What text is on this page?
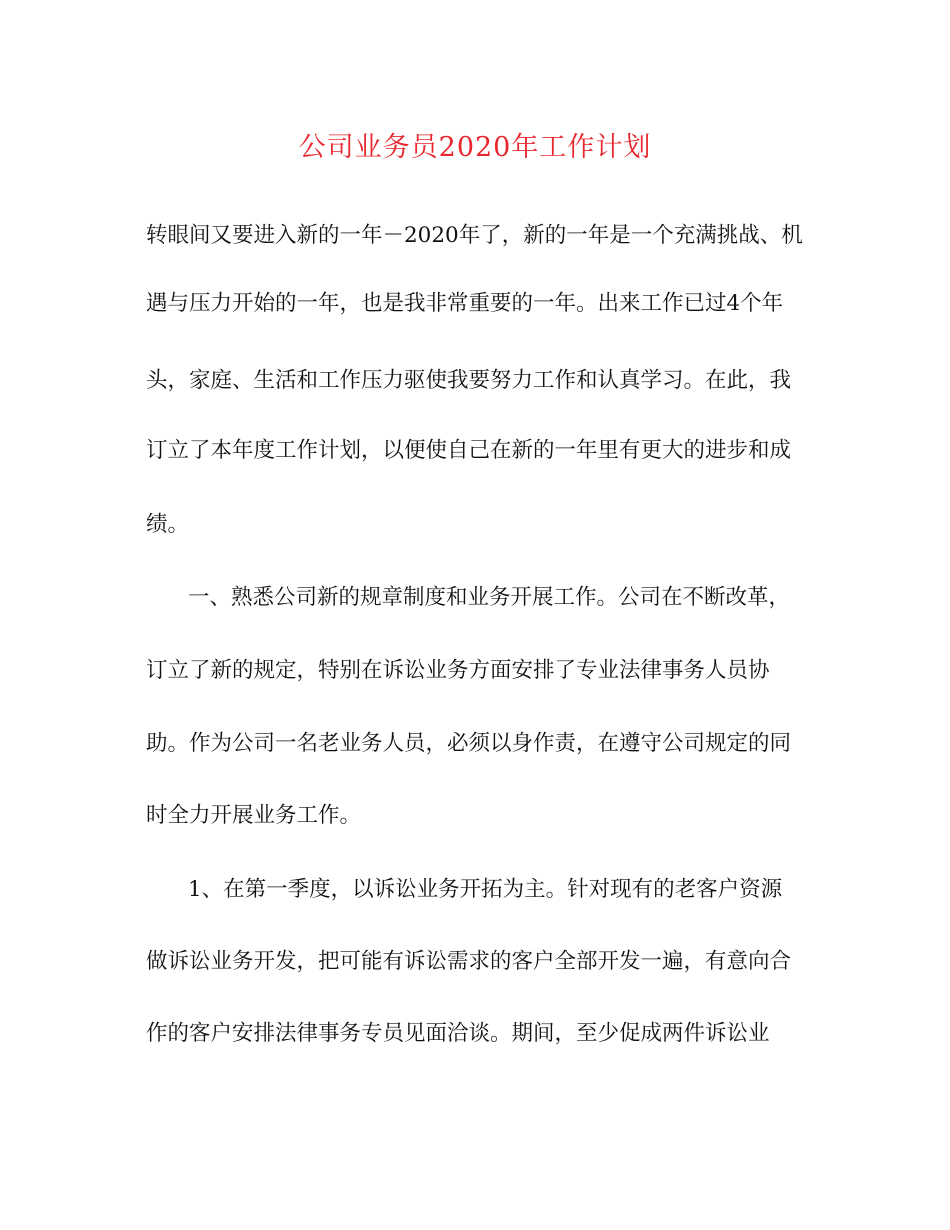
公司业务员2020年工作计划

转眼间又要进入新的一年－2020年了，新的一年是一个充满挑战、机

遇与压力开始的一年，也是我非常重要的一年。出来工作已过4个年

头，家庭、生活和工作压力驱使我要努力工作和认真学习。在此，我

订立了本年度工作计划，以便使自己在新的一年里有更大的进步和成

绩。

一、熟悉公司新的规章制度和业务开展工作。公司在不断改革，

订立了新的规定，特别在诉讼业务方面安排了专业法律事务人员协

助。作为公司一名老业务人员，必须以身作责，在遵守公司规定的同

时全力开展业务工作。

1、在第一季度，以诉讼业务开拓为主。针对现有的老客户资源

做诉讼业务开发，把可能有诉讼需求的客户全部开发一遍，有意向合

作的客户安排法律事务专员见面洽谈。期间，至少促成两件诉讼业
